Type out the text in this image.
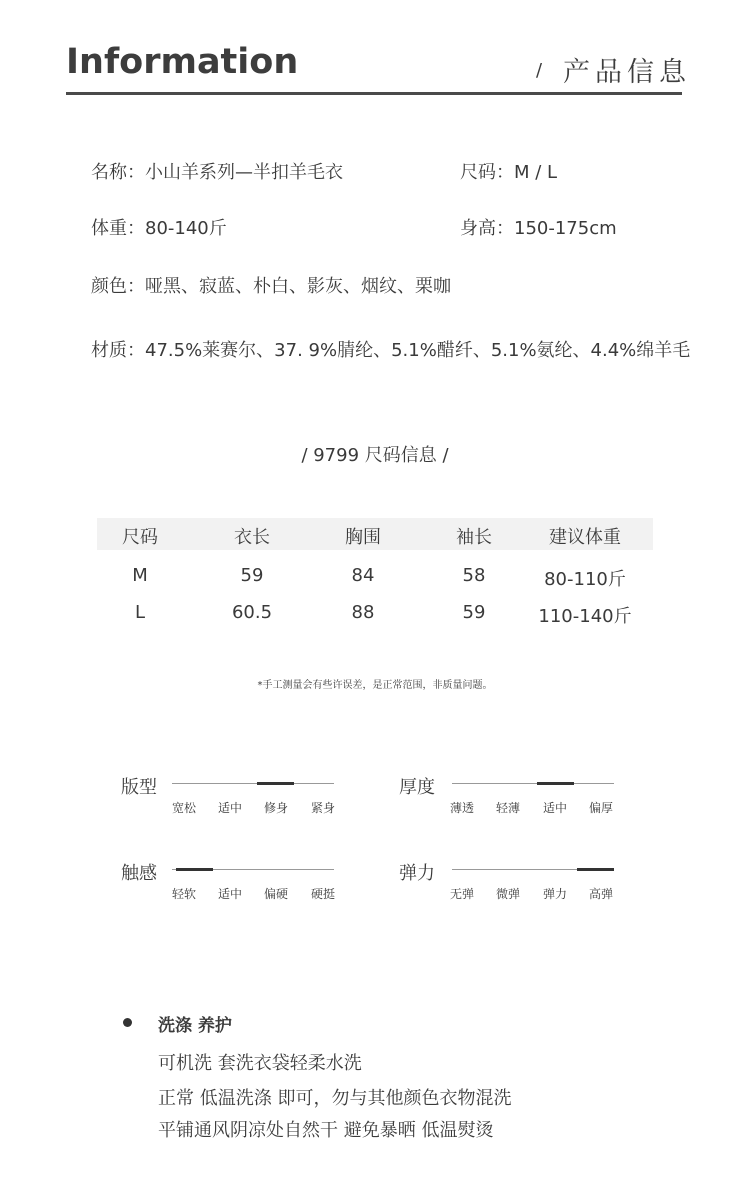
Information	/ 产品信息
名称：小山羊系列—半扣羊毛衣	尺码：M / L
体重：80-140斤	身高：150-175cm
颜色：哑黑、寂蓝、朴白、影灰、烟纹、栗咖
材质：47.5%莱赛尔、37. 9%腈纶、5.1%醋纤、5.1%氨纶、4.4%绵羊毛
/ 9799 尺码信息 /
尺码	衣长	胸围	袖长	建议体重
M	59	84	58	80-110斤
L	60.5	88	59	110-140斤
*手工测量会有些许误差，是正常范围，非质量问题。
版型
宽松	适中	修身	紧身
厚度
薄透	轻薄	适中	偏厚
触感
轻软	适中	偏硬	硬挺
弹力
无弹	微弹	弹力	高弹
洗涤 养护
可机洗 套洗衣袋轻柔水洗
正常 低温洗涤 即可，勿与其他颜色衣物混洗
平铺通风阴凉处自然干 避免暴晒 低温熨烫
